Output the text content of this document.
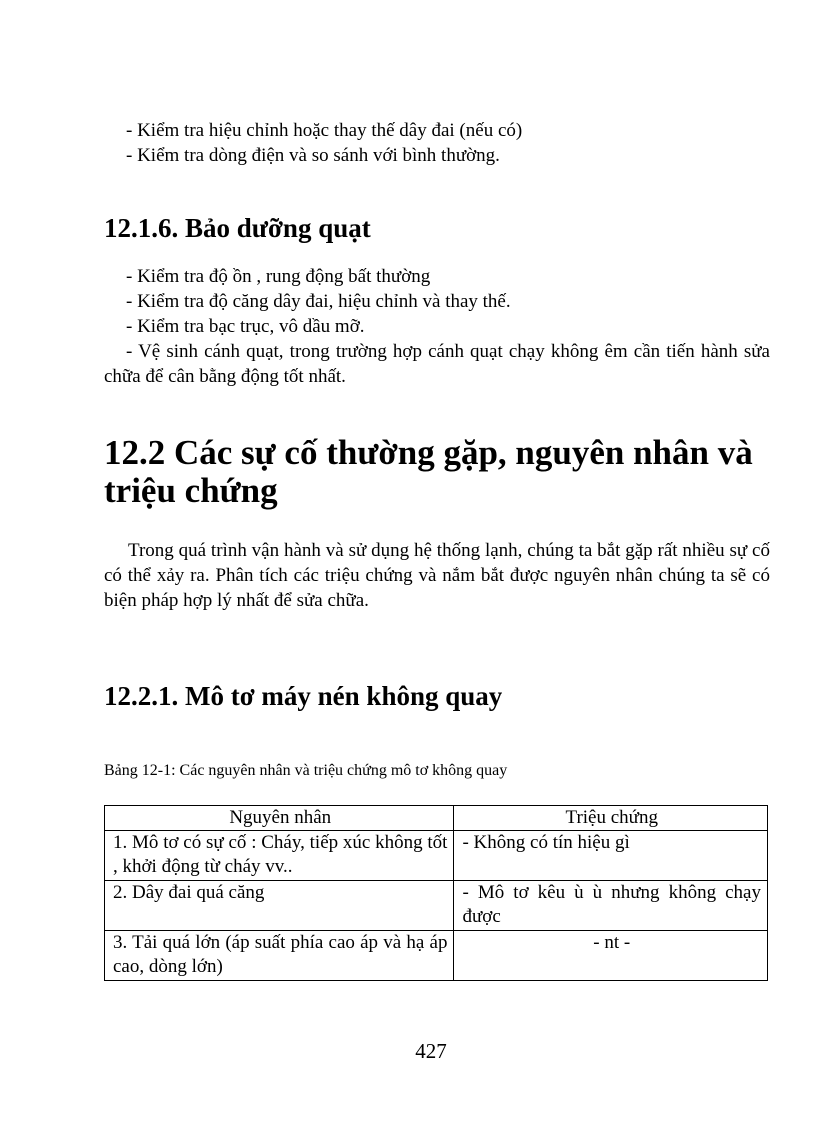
- Kiểm tra hiệu chỉnh hoặc thay thế dây đai (nếu có)

- Kiểm tra dòng điện và so sánh với bình thường.

12.1.6. Bảo dưỡng quạt

- Kiểm tra độ ồn , rung động bất thường

- Kiểm tra độ căng dây đai, hiệu chỉnh và thay thế.

- Kiểm tra bạc trục, vô dầu mỡ.

- Vệ sinh cánh quạt, trong trường hợp cánh quạt chạy không êm cần tiến hành sửa chữa để cân bằng động tốt nhất.

12.2 Các sự cố thường gặp, nguyên nhân và triệu chứng

Trong quá trình vận hành và sử dụng hệ thống lạnh, chúng ta bắt gặp rất nhiều sự cố có thể xảy ra. Phân tích các triệu chứng và nắm bắt được nguyên nhân chúng ta sẽ có biện pháp hợp lý nhất để sửa chữa.

12.2.1. Mô tơ máy nén không quay

Bảng 12-1: Các nguyên nhân và triệu chứng mô tơ không quay

Nguyên nhân	Triệu chứng
1. Mô tơ có sự cố : Cháy, tiếp xúc không tốt , khởi động từ cháy vv..	- Không có tín hiệu gì
2. Dây đai quá căng	- Mô tơ kêu ù ù nhưng không chạy được
3. Tải quá lớn (áp suất phía cao áp và hạ áp cao, dòng lớn)	- nt -

427
